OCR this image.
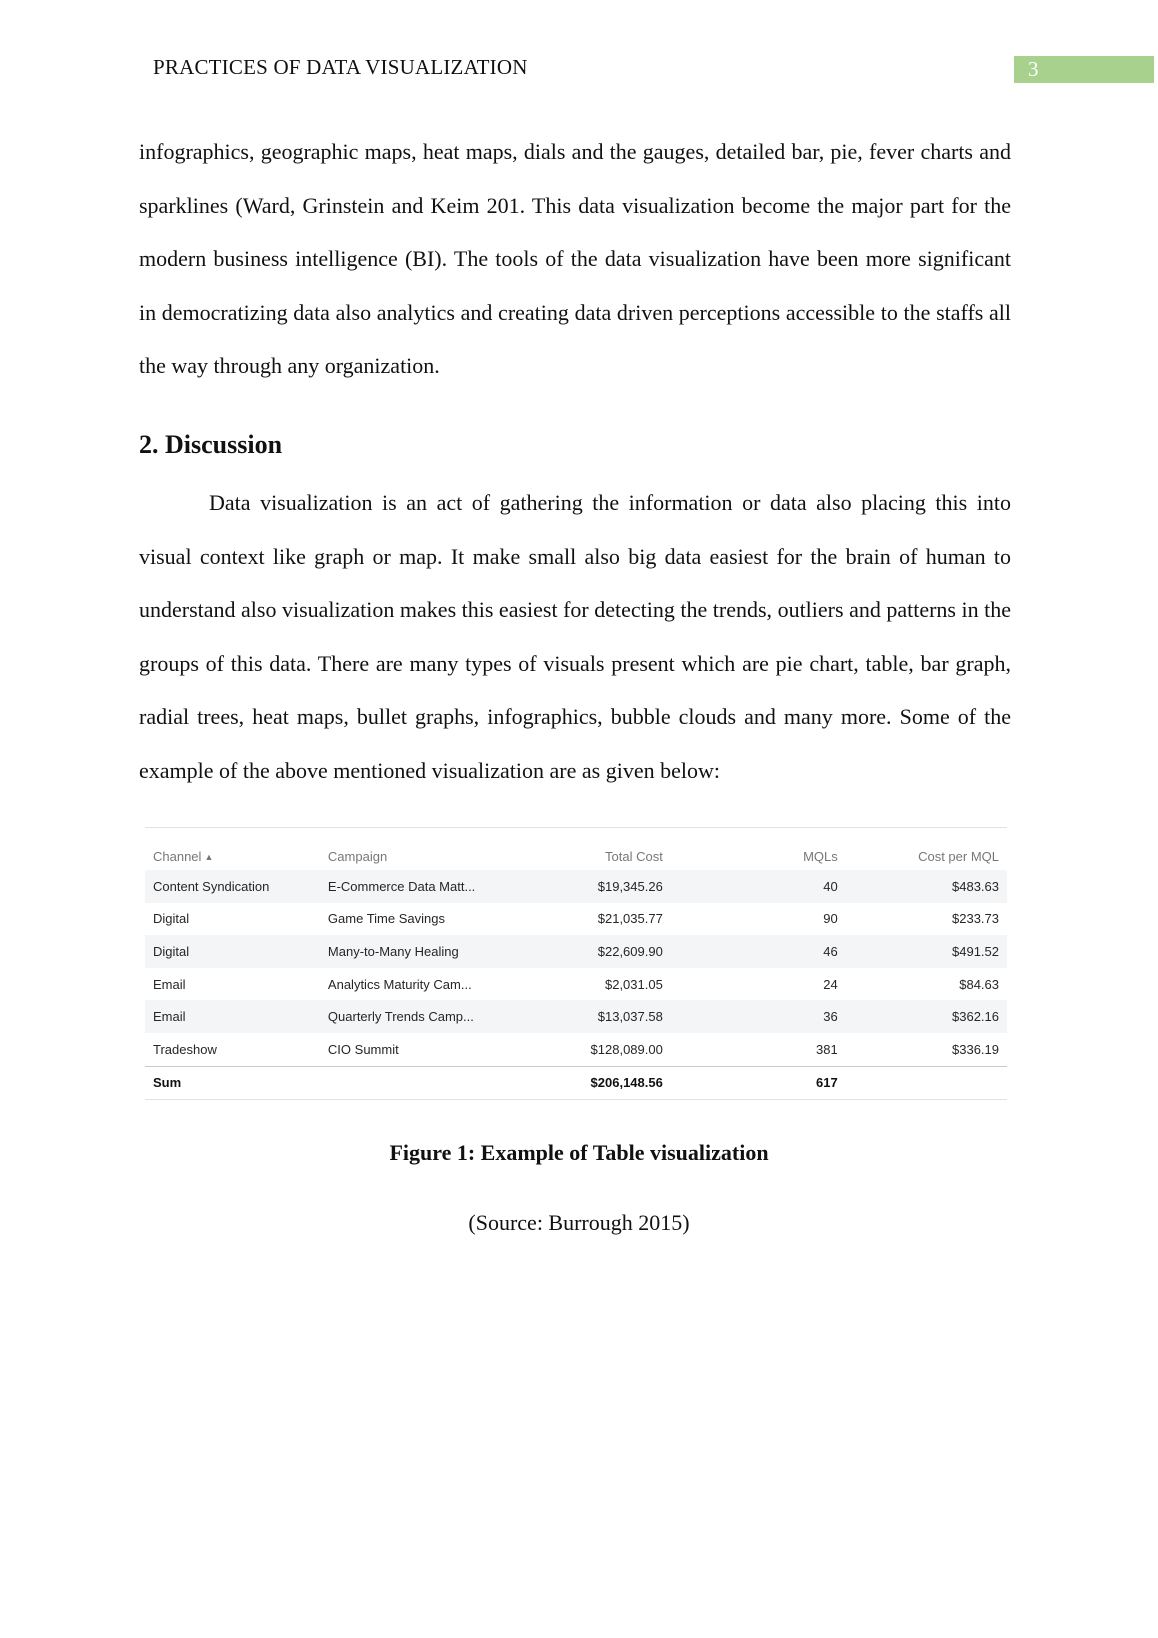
PRACTICES OF DATA VISUALIZATION	3

infographics, geographic maps, heat maps, dials and the gauges, detailed bar, pie, fever charts and sparklines (Ward, Grinstein and Keim 201. This data visualization become the major part for the modern business intelligence (BI). The tools of the data visualization have been more significant in democratizing data also analytics and creating data driven perceptions accessible to the staffs all the way through any organization.

2. Discussion

Data visualization is an act of gathering the information or data also placing this into visual context like graph or map. It make small also big data easiest for the brain of human to understand also visualization makes this easiest for detecting the trends, outliers and patterns in the groups of this data. There are many types of visuals present which are pie chart, table, bar graph, radial trees, heat maps, bullet graphs, infographics, bubble clouds and many more. Some of the example of the above mentioned visualization are as given below:

Channel ▲	Campaign	Total Cost	MQLs	Cost per MQL
Content Syndication	E-Commerce Data Matt...	$19,345.26	40	$483.63
Digital	Game Time Savings	$21,035.77	90	$233.73
Digital	Many-to-Many Healing	$22,609.90	46	$491.52
Email	Analytics Maturity Cam...	$2,031.05	24	$84.63
Email	Quarterly Trends Camp...	$13,037.58	36	$362.16
Tradeshow	CIO Summit	$128,089.00	381	$336.19
Sum		$206,148.56	617	
Figure 1: Example of Table visualization
(Source: Burrough 2015)
